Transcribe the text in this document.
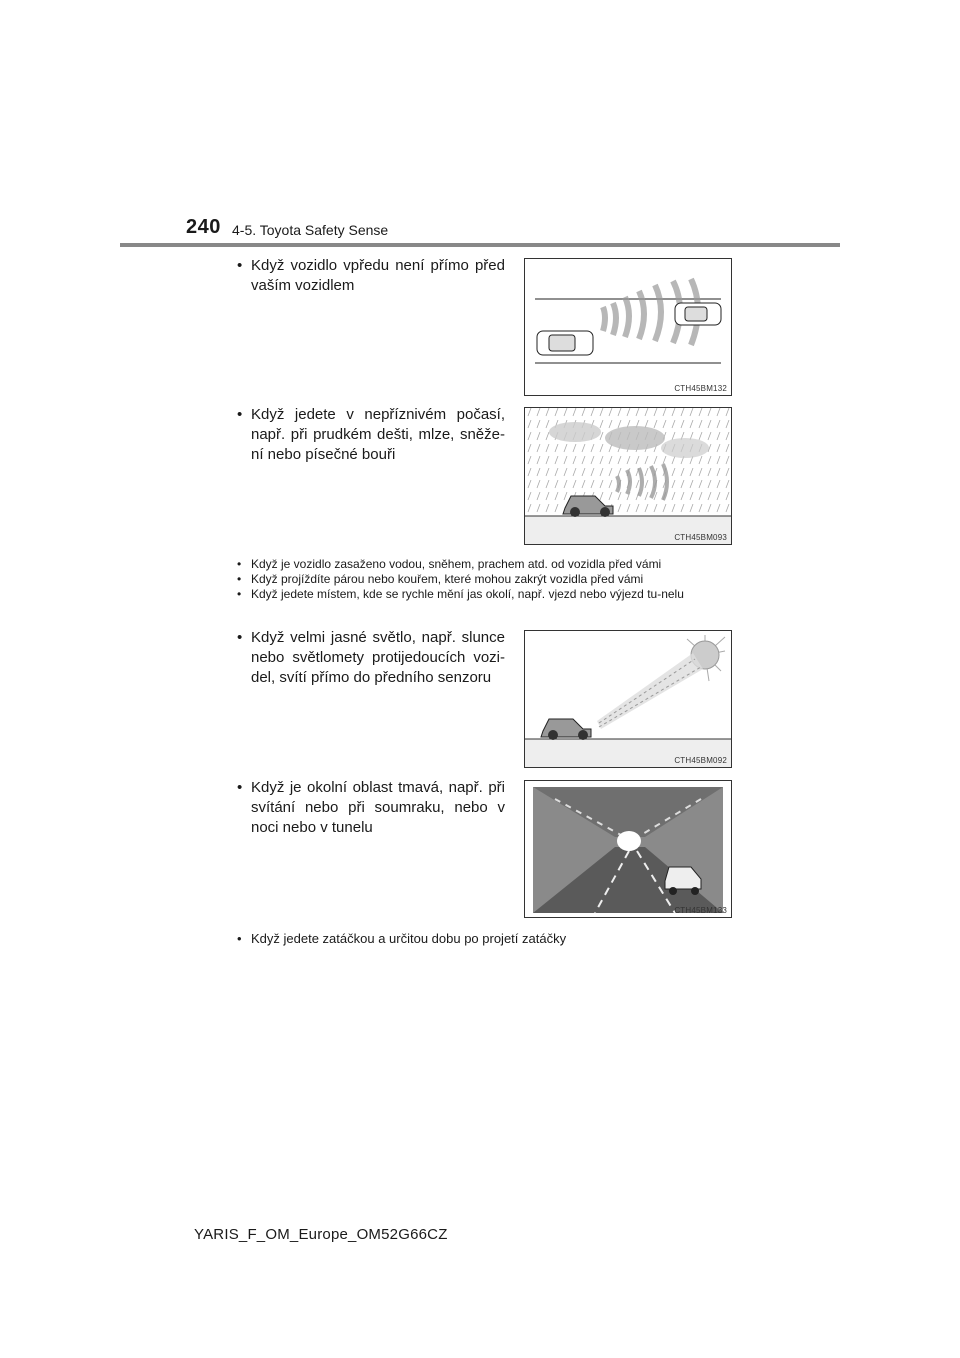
240 4-5. Toyota Safety Sense
• Když vozidlo vpředu není přímo před vaším vozidlem
CTH45BM132
• Když jedete v nepříznivém počasí, např. při prudkém dešti, mlze, sněže-ní nebo písečné bouři
CTH45BM093
• Když je vozidlo zasaženo vodou, sněhem, prachem atd. od vozidla před vámi
• Když projíždíte párou nebo kouřem, které mohou zakrýt vozidla před vámi
• Když jedete místem, kde se rychle mění jas okolí, např. vjezd nebo výjezd tu-nelu
• Když velmi jasné světlo, např. slunce nebo světlomety protijedoucích vozi-del, svítí přímo do předního senzoru
CTH45BM092
• Když je okolní oblast tmavá, např. při svítání nebo při soumraku, nebo v noci nebo v tunelu
CTH45BM133
• Když jedete zatáčkou a určitou dobu po projetí zatáčky
YARIS_F_OM_Europe_OM52G66CZ
